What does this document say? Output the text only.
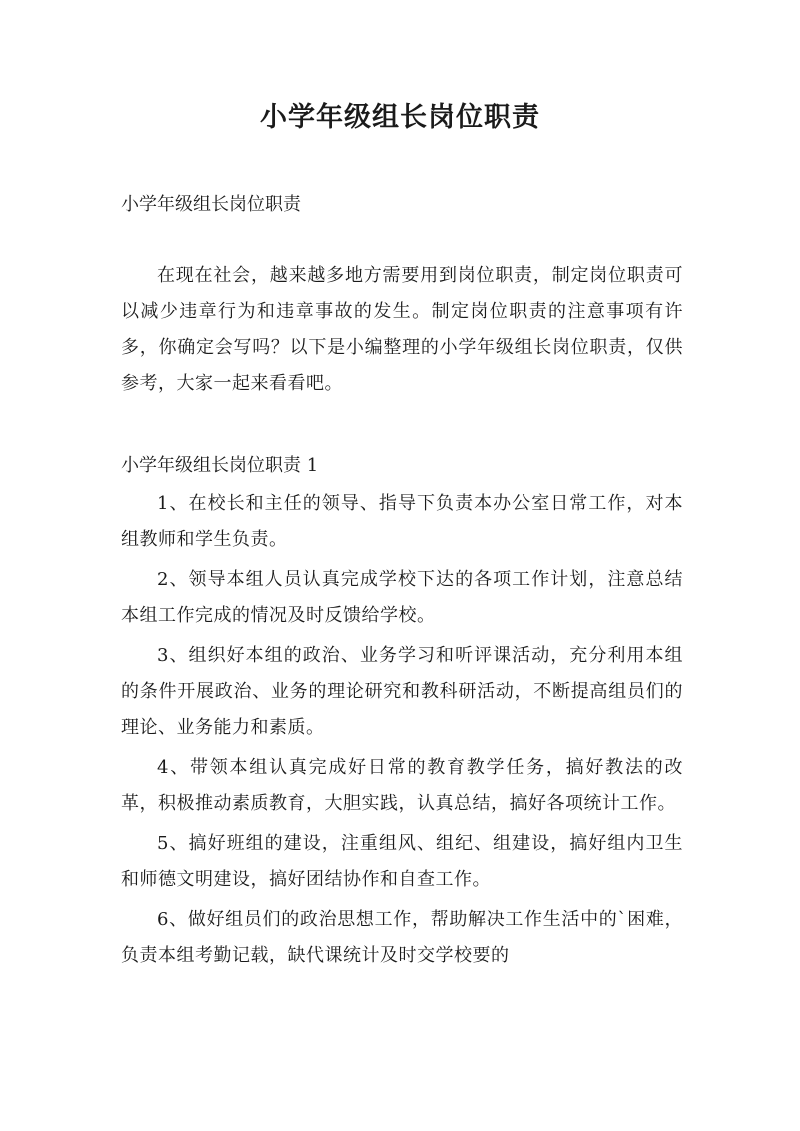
小学年级组长岗位职责
小学年级组长岗位职责
在现在社会，越来越多地方需要用到岗位职责，制定岗位职责可以减少违章行为和违章事故的发生。制定岗位职责的注意事项有许多，你确定会写吗？以下是小编整理的小学年级组长岗位职责，仅供参考，大家一起来看看吧。
小学年级组长岗位职责 1
1、在校长和主任的领导、指导下负责本办公室日常工作，对本组教师和学生负责。
2、领导本组人员认真完成学校下达的各项工作计划，注意总结本组工作完成的情况及时反馈给学校。
3、组织好本组的政治、业务学习和听评课活动，充分利用本组的条件开展政治、业务的理论研究和教科研活动，不断提高组员们的理论、业务能力和素质。
4、带领本组认真完成好日常的教育教学任务，搞好教法的改革，积极推动素质教育，大胆实践，认真总结，搞好各项统计工作。
5、搞好班组的建设，注重组风、组纪、组建设，搞好组内卫生和师德文明建设，搞好团结协作和自查工作。
6、做好组员们的政治思想工作，帮助解决工作生活中的`困难，负责本组考勤记载，缺代课统计及时交学校要的
